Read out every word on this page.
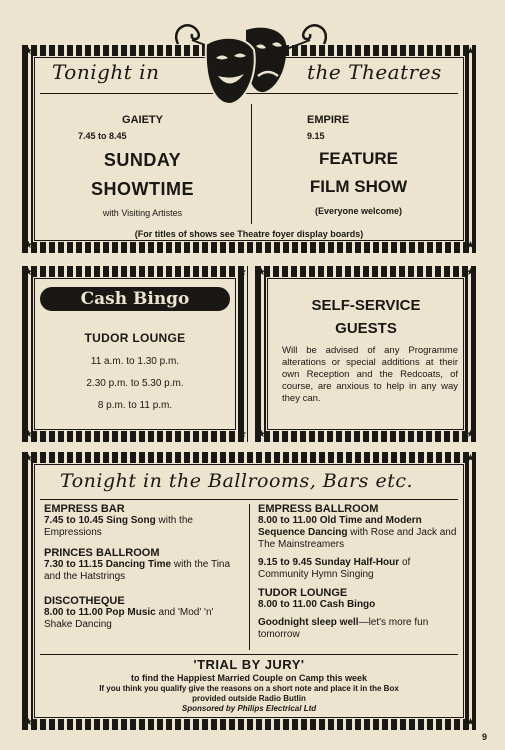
★	★
★	★
Tonight in	the Theatres
GAIETY
7.45 to 8.45
SUNDAY
SHOWTIME
with Visiting Artistes
EMPIRE
9.15
FEATURE
FILM SHOW
(Everyone welcome)
(For titles of shows see Theatre foyer display boards)
★	★
★	★
Cash Bingo
TUDOR LOUNGE
11 a.m. to 1.30 p.m.
2.30 p.m. to 5.30 p.m.
8 p.m. to 11 p.m.
★	★
★	★
SELF-SERVICE
GUESTS
Will be advised of any Programme alterations or special additions at their own Reception and the Redcoats, of course, are anxious to help in any way they can.
★	★
★	★
Tonight in the Ballrooms, Bars etc.
EMPRESS BAR
7.45 to 10.45 Sing Song with the Empressions
PRINCES BALLROOM
7.30 to 11.15 Dancing Time with the Tina and the Hatstrings
DISCOTHEQUE
8.00 to 11.00 Pop Music and 'Mod' 'n' Shake Dancing
EMPRESS BALLROOM
8.00 to 11.00 Old Time and Modern Sequence Dancing with Rose and Jack and The Mainstreamers
9.15 to 9.45 Sunday Half-Hour of Community Hymn Singing
TUDOR LOUNGE
8.00 to 11.00 Cash Bingo
Goodnight sleep well—let's more fun tomorrow
'TRIAL BY JURY'
to find the Happiest Married Couple on Camp this week
If you think you qualify give the reasons on a short note and place it in the Box
provided outside Radio Butlin
Sponsored by Philips Electrical Ltd
9
